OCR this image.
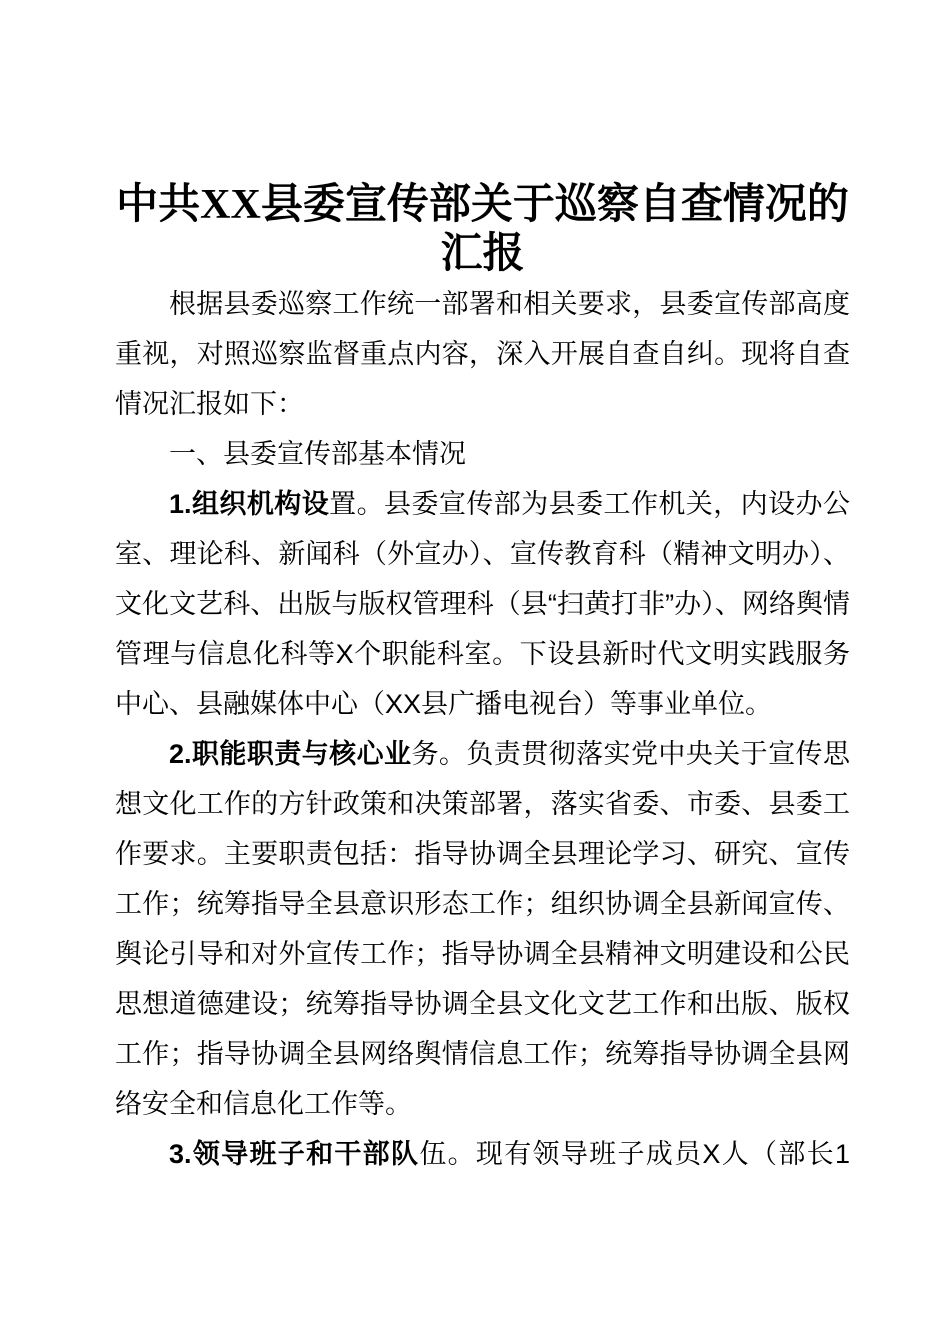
中共XX县委宣传部关于巡察自查情况的汇报

根据县委巡察工作统一部署和相关要求，县委宣传部高度重视，对照巡察监督重点内容，深入开展自查自纠。现将自查情况汇报如下：

一、县委宣传部基本情况

1.组织机构设置。县委宣传部为县委工作机关，内设办公室、理论科、新闻科（外宣办）、宣传教育科（精神文明办）、文化文艺科、出版与版权管理科（县“扫黄打非”办）、网络舆情管理与信息化科等X个职能科室。下设县新时代文明实践服务中心、县融媒体中心（XX县广播电视台）等事业单位。

2.职能职责与核心业务。负责贯彻落实党中央关于宣传思想文化工作的方针政策和决策部署，落实省委、市委、县委工作要求。主要职责包括：指导协调全县理论学习、研究、宣传工作；统筹指导全县意识形态工作；组织协调全县新闻宣传、舆论引导和对外宣传工作；指导协调全县精神文明建设和公民思想道德建设；统筹指导协调全县文化文艺工作和出版、版权工作；指导协调全县网络舆情信息工作；统筹指导协调全县网络安全和信息化工作等。

3.领导班子和干部队伍。现有领导班子成员X人（部长1
